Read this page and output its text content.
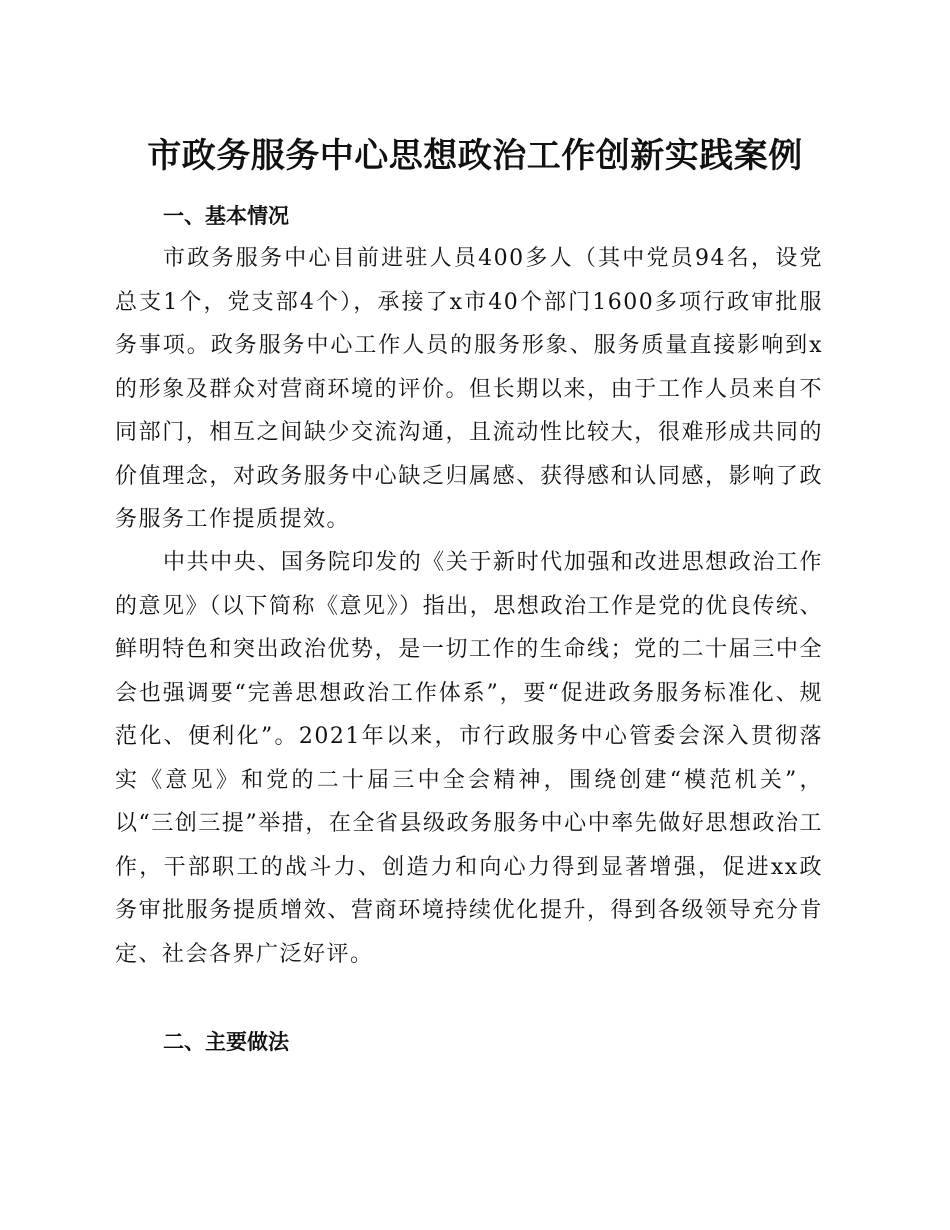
市政务服务中心思想政治工作创新实践案例
一、基本情况

市政务服务中心目前进驻人员400多人（其中党员94名，设党总支1个，党支部4个），承接了x市40个部门1600多项行政审批服务事项。政务服务中心工作人员的服务形象、服务质量直接影响到x的形象及群众对营商环境的评价。但长期以来，由于工作人员来自不同部门，相互之间缺少交流沟通，且流动性比较大，很难形成共同的价值理念，对政务服务中心缺乏归属感、获得感和认同感，影响了政务服务工作提质提效。

中共中央、国务院印发的《关于新时代加强和改进思想政治工作的意见》（以下简称《意见》）指出，思想政治工作是党的优良传统、鲜明特色和突出政治优势，是一切工作的生命线；党的二十届三中全会也强调要“完善思想政治工作体系”，要“促进政务服务标准化、规范化、便利化”。2021年以来，市行政服务中心管委会深入贯彻落实《意见》和党的二十届三中全会精神，围绕创建“模范机关”，以“三创三提”举措，在全省县级政务服务中心中率先做好思想政治工作，干部职工的战斗力、创造力和向心力得到显著增强，促进xx政务审批服务提质增效、营商环境持续优化提升，得到各级领导充分肯定、社会各界广泛好评。

二、主要做法
